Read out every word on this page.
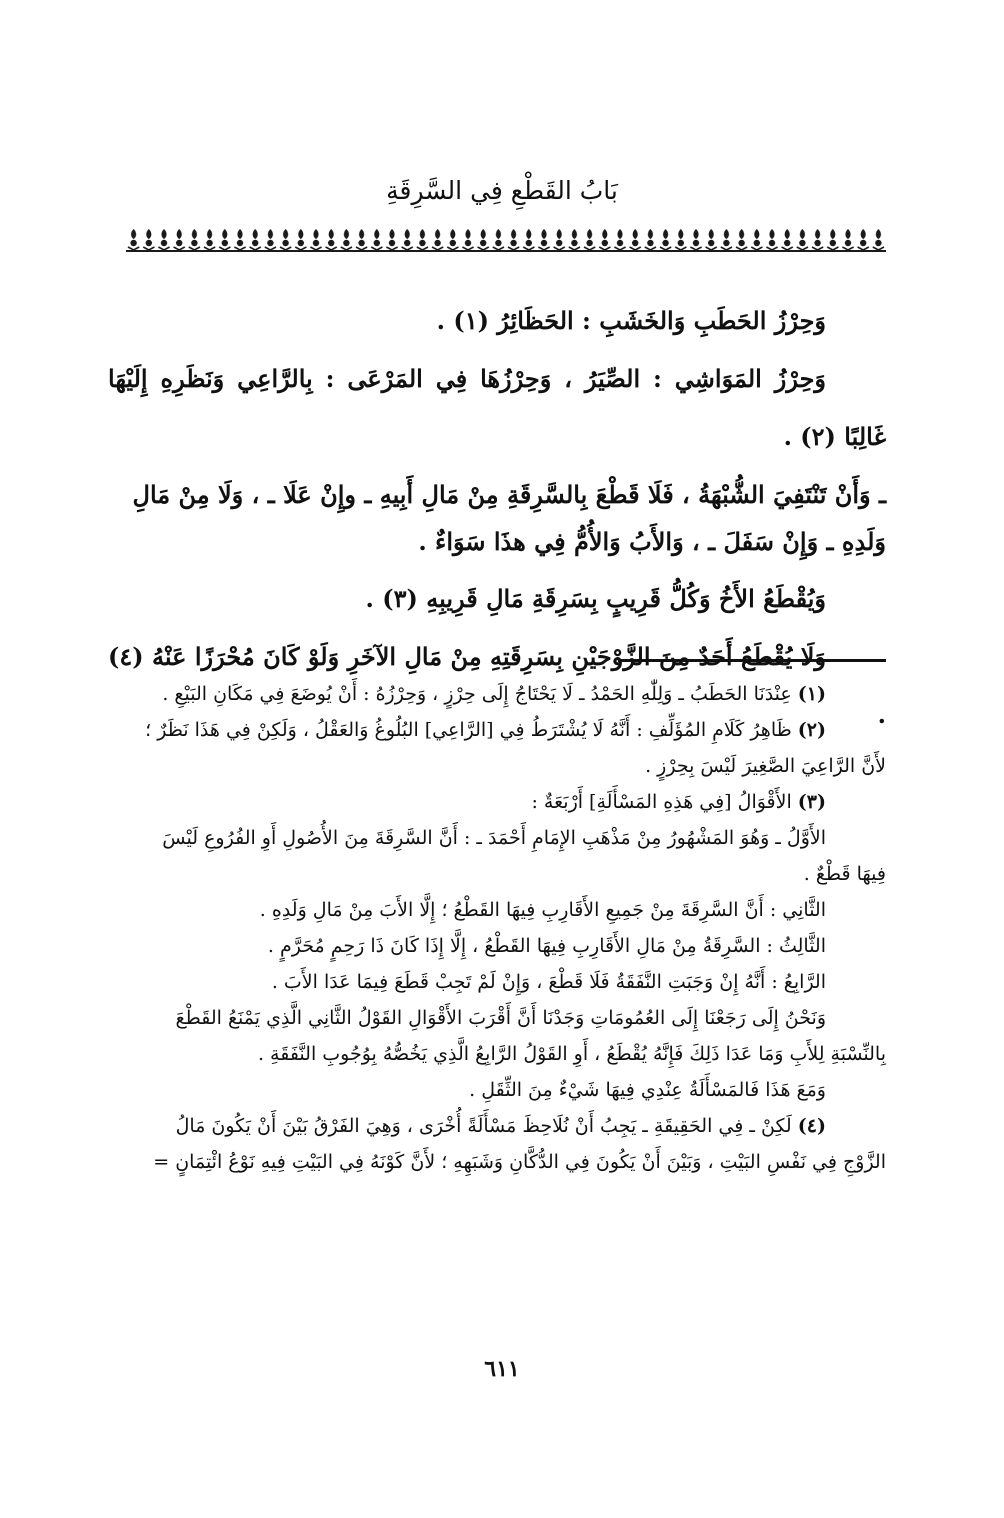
بَابُ القَطْعِ فِي السَّرِقَةِ

وَحِرْزُ الحَطَبِ وَالخَشَبِ : الحَظَائِرُ (١) .

وَحِرْزُ المَوَاشِي : الصِّيَرُ ، وَحِرْزُهَا فِي المَرْعَى : بِالرَّاعِي وَنَظَرِهِ إِلَيْهَا غَالِبًا (٢) .

ـ وَأَنْ تَنْتَفِيَ الشُّبْهَةُ ، فَلَا قَطْعَ بِالسَّرِقَةِ مِنْ مَالِ أَبِيهِ ـ وإِنْ عَلَا ـ ، وَلَا مِنْ مَالِ

وَلَدِهِ ـ وَإِنْ سَفَلَ ـ ، وَالأَبُ وَالأُمُّ فِي هذَا سَوَاءٌ .

وَيُقْطَعُ الأَخُ وَكُلُّ قَرِيبٍ بِسَرِقَةِ مَالِ قَرِيبِهِ (٣) .

وَلَا يُقْطَعُ أَحَدٌ مِنَ الزَّوْجَيْنِ بِسَرِقَتِهِ مِنْ مَالِ الآخَرِ وَلَوْ كَانَ مُحْرَزًا عَنْهُ (٤) .

(١) عِنْدَنَا الحَطَبُ ـ وَلِلّٰهِ الحَمْدُ ـ لَا يَحْتَاجُ إِلَى حِرْزٍ ، وَحِرْزُهُ : أَنْ يُوضَعَ فِي مَكَانِ البَيْعِ .

(٢) ظَاهِرُ كَلَامِ المُؤَلِّفِ : أَنَّهُ لَا يُشْتَرَطُ فِي [الرَّاعِي] البُلُوغُ وَالعَقْلُ ، وَلَكِنْ فِي هَذَا نَظَرٌ ؛

لأَنَّ الرَّاعِيَ الصَّغِيرَ لَيْسَ بِحِرْزٍ .

(٣) الأَقْوَالُ [فِي هَذِهِ المَسْأَلَةِ] أَرْبَعَةٌ :

الأَوَّلُ ـ وَهُوَ المَشْهُورُ مِنْ مَذْهَبِ الإِمَامِ أَحْمَدَ ـ : أَنَّ السَّرِقَةَ مِنَ الأُصُولِ أَوِ الفُرُوعِ لَيْسَ

فِيهَا قَطْعٌ .

الثَّانِي : أَنَّ السَّرِقَةَ مِنْ جَمِيعِ الأَقَارِبِ فِيهَا القَطْعُ ؛ إِلَّا الأَبَ مِنْ مَالِ وَلَدِهِ .

الثَّالِثُ : السَّرِقَةُ مِنْ مَالِ الأَقَارِبِ فِيهَا القَطْعُ ، إِلَّا إِذَا كَانَ ذَا رَحِمٍ مُحَرَّمٍ .

الرَّابِعُ : أَنَّهُ إِنْ وَجَبَتِ النَّفَقَةُ فَلَا قَطْعَ ، وَإِنْ لَمْ تَجِبْ قَطَعَ فِيمَا عَدَا الأَبَ .

وَنَحْنُ إِلَى رَجَعْنَا إِلَى العُمُومَاتِ وَجَدْنَا أَنَّ أَقْرَبَ الأَقْوَالِ القَوْلُ الثَّانِي الَّذِي يَمْنَعُ القَطْعَ

بِالنِّسْبَةِ لِلأَبِ وَمَا عَدَا ذَلِكَ فَإِنَّهُ يُقْطَعُ ، أَوِ القَوْلُ الرَّابِعُ الَّذِي يَخُصُّهُ بِوُجُوبِ النَّفَقَةِ .

وَمَعَ هَذَا فَالمَسْأَلَةُ عِنْدِي فِيهَا شَيْءٌ مِنَ الثِّقَلِ .

(٤) لَكِنْ ـ فِي الحَقِيقَةِ ـ يَجِبُ أَنْ نُلَاحِظَ مَسْأَلَةً أُخْرَى ، وَهِيَ الفَرْقُ بَيْنَ أَنْ يَكُونَ مَالُ

الزَّوْجِ فِي نَفْسِ البَيْتِ ، وَبَيْنَ أَنْ يَكُونَ فِي الدُّكَّانِ وَشَبَهِهِ ؛ لأَنَّ كَوْنَهُ فِي البَيْتِ فِيهِ نَوْعُ ائْتِمَانٍ =

٦١١
